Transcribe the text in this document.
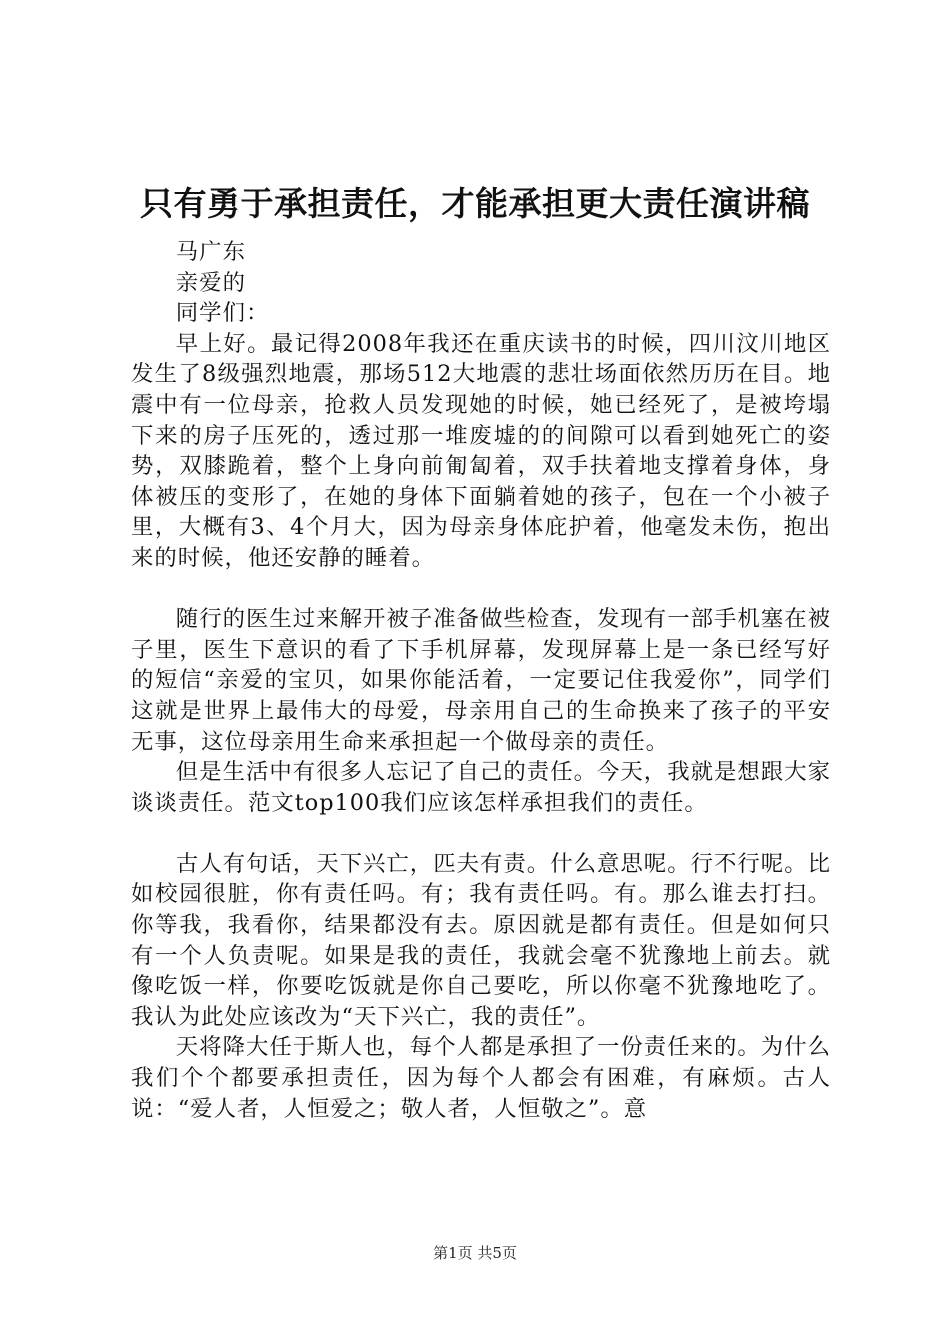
只有勇于承担责任，才能承担更大责任演讲稿

马广东

亲爱的

同学们：

早上好。最记得2008年我还在重庆读书的时候，四川汶川地区发生了8级强烈地震，那场512大地震的悲壮场面依然历历在目。地震中有一位母亲，抢救人员发现她的时候，她已经死了，是被垮塌下来的房子压死的，透过那一堆废墟的的间隙可以看到她死亡的姿势，双膝跪着，整个上身向前匍匐着，双手扶着地支撑着身体，身体被压的变形了，在她的身体下面躺着她的孩子，包在一个小被子里，大概有3、4个月大，因为母亲身体庇护着，他毫发未伤，抱出来的时候，他还安静的睡着。

随行的医生过来解开被子准备做些检查，发现有一部手机塞在被子里，医生下意识的看了下手机屏幕，发现屏幕上是一条已经写好的短信“亲爱的宝贝，如果你能活着，一定要记住我爱你”，同学们这就是世界上最伟大的母爱，母亲用自己的生命换来了孩子的平安无事，这位母亲用生命来承担起一个做母亲的责任。

但是生活中有很多人忘记了自己的责任。今天，我就是想跟大家谈谈责任。范文top100我们应该怎样承担我们的责任。

古人有句话，天下兴亡，匹夫有责。什么意思呢。行不行呢。比如校园很脏，你有责任吗。有；我有责任吗。有。那么谁去打扫。你等我，我看你，结果都没有去。原因就是都有责任。但是如何只有一个人负责呢。如果是我的责任，我就会毫不犹豫地上前去。就像吃饭一样，你要吃饭就是你自己要吃，所以你毫不犹豫地吃了。我认为此处应该改为“天下兴亡，我的责任”。

天将降大任于斯人也，每个人都是承担了一份责任来的。为什么我们个个都要承担责任，因为每个人都会有困难，有麻烦。古人说：“爱人者，人恒爱之；敬人者，人恒敬之”。意

第1页 共5页
